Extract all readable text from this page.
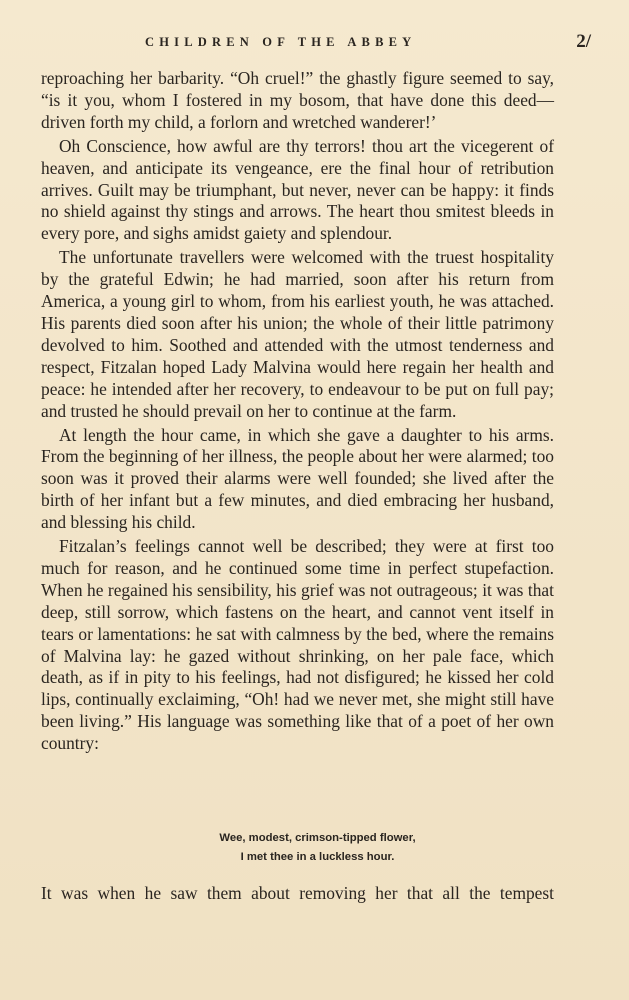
CHILDREN OF THE ABBEY	2/

reproaching her barbarity. “Oh cruel!” the ghastly figure seemed to say, “is it you, whom I fostered in my bosom, that have done this deed—driven forth my child, a forlorn and wretched wanderer!’

Oh Conscience, how awful are thy terrors! thou art the vicegerent of heaven, and anticipate its vengeance, ere the final hour of retribution arrives. Guilt may be triumphant, but never, never can be happy: it finds no shield against thy stings and arrows. The heart thou smitest bleeds in every pore, and sighs amidst gaiety and splendour.

The unfortunate travellers were welcomed with the truest hospitality by the grateful Edwin; he had married, soon after his return from America, a young girl to whom, from his earliest youth, he was attached. His parents died soon after his union; the whole of their little patrimony devolved to him. Soothed and attended with the utmost tenderness and respect, Fitzalan hoped Lady Malvina would here regain her health and peace: he intended after her recovery, to endeavour to be put on full pay; and trusted he should prevail on her to continue at the farm.

At length the hour came, in which she gave a daughter to his arms. From the beginning of her illness, the people about her were alarmed; too soon was it proved their alarms were well founded; she lived after the birth of her infant but a few minutes, and died embracing her husband, and blessing his child.

Fitzalan’s feelings cannot well be described; they were at first too much for reason, and he continued some time in perfect stupefaction. When he regained his sensibility, his grief was not outrageous; it was that deep, still sorrow, which fastens on the heart, and cannot vent itself in tears or lamentations: he sat with calmness by the bed, where the remains of Malvina lay: he gazed without shrinking, on her pale face, which death, as if in pity to his feelings, had not disfigured; he kissed her cold lips, continually exclaiming, “Oh! had we never met, she might still have been living.” His language was something like that of a poet of her own country:

Wee, modest, crimson-tipped flower,
I met thee in a luckless hour.
It was when he saw them about removing her that all the tempest
